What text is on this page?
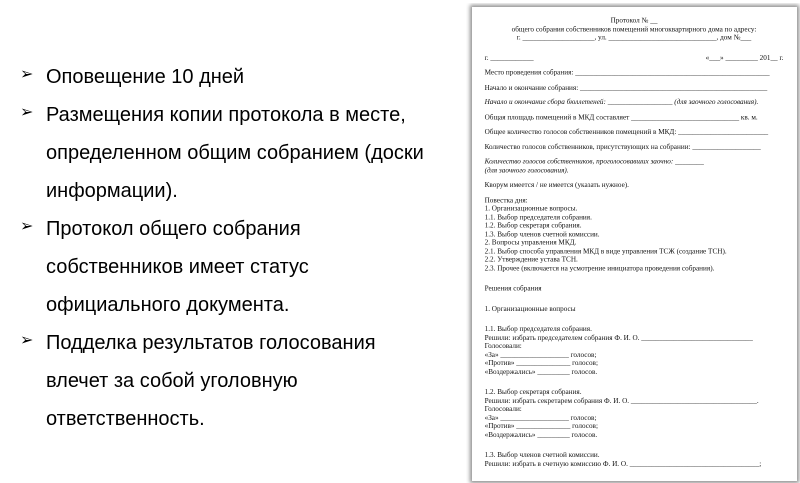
➢ Оповещение 10 дней
➢ Размещения копии протокола в месте, определенном общим собранием (доски информации).
➢ Протокол общего собрания собственников имеет статус официального документа.
➢ Подделка результатов голосования влечет за собой уголовную ответственность.
Протокол № __
общего собрания собственников помещений многоквартирного дома по адресу:
г. ____________________, ул. ______________________________, дом №___
г. ____________	«___» _________ 201__ г.
Место проведения собрания: ______________________________________________________
Начало и окончание собрания: ____________________________________________________
Начало и окончание сбора бюллетеней: __________________ (для заочного голосования).
Общая площадь помещений в МКД составляет ______________________________ кв. м.
Общее количество голосов собственников помещений в МКД: _________________________
Количество голосов собственников, присутствующих на собрании: ___________________
Количество голосов собственников, проголосовавших заочно: ________
(для заочного голосования).
Кворум имеется / не имеется (указать нужное).
Повестка дня:
1. Организационные вопросы.
1.1. Выбор председателя собрания.
1.2. Выбор секретаря собрания.
1.3. Выбор членов счетной комиссии.
2. Вопросы управления МКД.
2.1. Выбор способа управления МКД в виде управления ТСЖ (создание ТСН).
2.2. Утверждение устава ТСН.
2.3. Прочее (включается на усмотрение инициатора проведения собрания).
Решения собрания
1. Организационные вопросы
1.1. Выбор председателя собрания.
Решили: избрать председателем собрания Ф. И. О. _______________________________
Голосовали:
«За» ___________________ голосов;
«Против» _______________ голосов;
«Воздержались» _________ голосов.
1.2. Выбор секретаря собрания.
Решили: избрать секретарем собрания Ф. И. О. ___________________________________.
Голосовали:
«За» ___________________ голосов;
«Против» _______________ голосов;
«Воздержались» _________ голосов.
1.3. Выбор членов счетной комиссии.
Решили: избрать в счетную комиссию Ф. И. О. ____________________________________;
